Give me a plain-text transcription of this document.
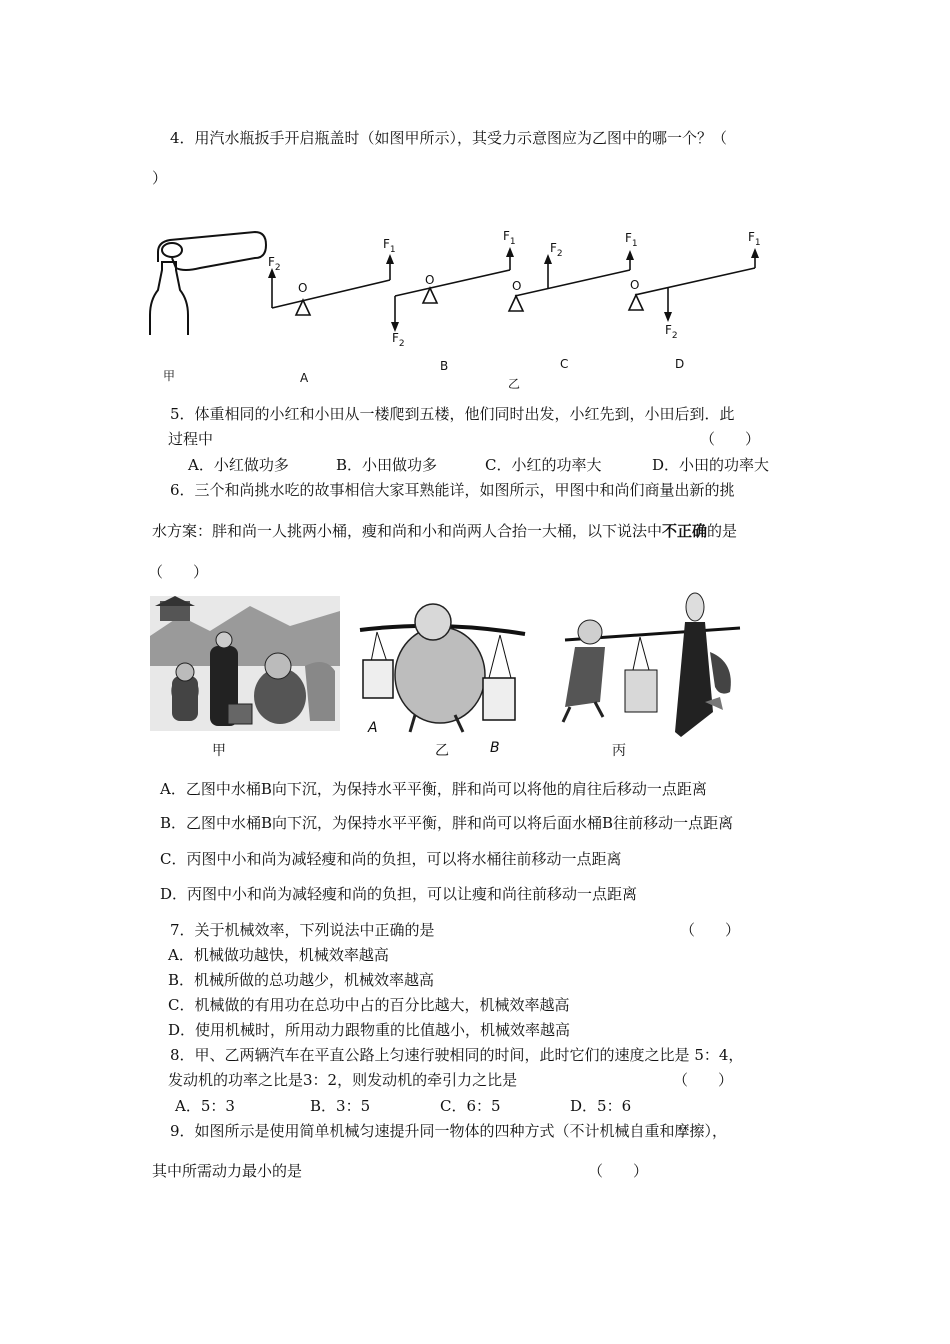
4．用汽水瓶扳手开启瓶盖时（如图甲所示），其受力示意图应为乙图中的哪一个？（
）
$F_2$
$F_1$
O
$F_2$
$F_1$
O
$F_2$
$F_1$
O
$F_2$
$F_1$
O
甲	A
B
乙
C	D
5．体重相同的小红和小田从一楼爬到五楼，他们同时出发，小红先到，小田后到．此
过程中	（　　）
A．小红做功多	B．小田做功多	C．小红的功率大	D．小田的功率大
6．三个和尚挑水吃的故事相信大家耳熟能详，如图所示，甲图中和尚们商量出新的挑
水方案：胖和尚一人挑两小桶，瘦和尚和小和尚两人合抬一大桶，以下说法中不正确的是
（　　）
甲
A
乙	B	丙
A．乙图中水桶B向下沉，为保持水平平衡，胖和尚可以将他的肩往后移动一点距离
B．乙图中水桶B向下沉，为保持水平平衡，胖和尚可以将后面水桶B往前移动一点距离
C．丙图中小和尚为减轻瘦和尚的负担，可以将水桶往前移动一点距离
D．丙图中小和尚为减轻瘦和尚的负担，可以让瘦和尚往前移动一点距离
7．关于机械效率，下列说法中正确的是	（　　）
A．机械做功越快，机械效率越高
B．机械所做的总功越少，机械效率越高
C．机械做的有用功在总功中占的百分比越大，机械效率越高
D．使用机械时，所用动力跟物重的比值越小，机械效率越高
8．甲、乙两辆汽车在平直公路上匀速行驶相同的时间，此时它们的速度之比是 5：4，
发动机的功率之比是3：2，则发动机的牵引力之比是	（　　）
A．5：3	B．3：5	C．6：5	D．5：6
9．如图所示是使用简单机械匀速提升同一物体的四种方式（不计机械自重和摩擦），
其中所需动力最小的是	（　　）
